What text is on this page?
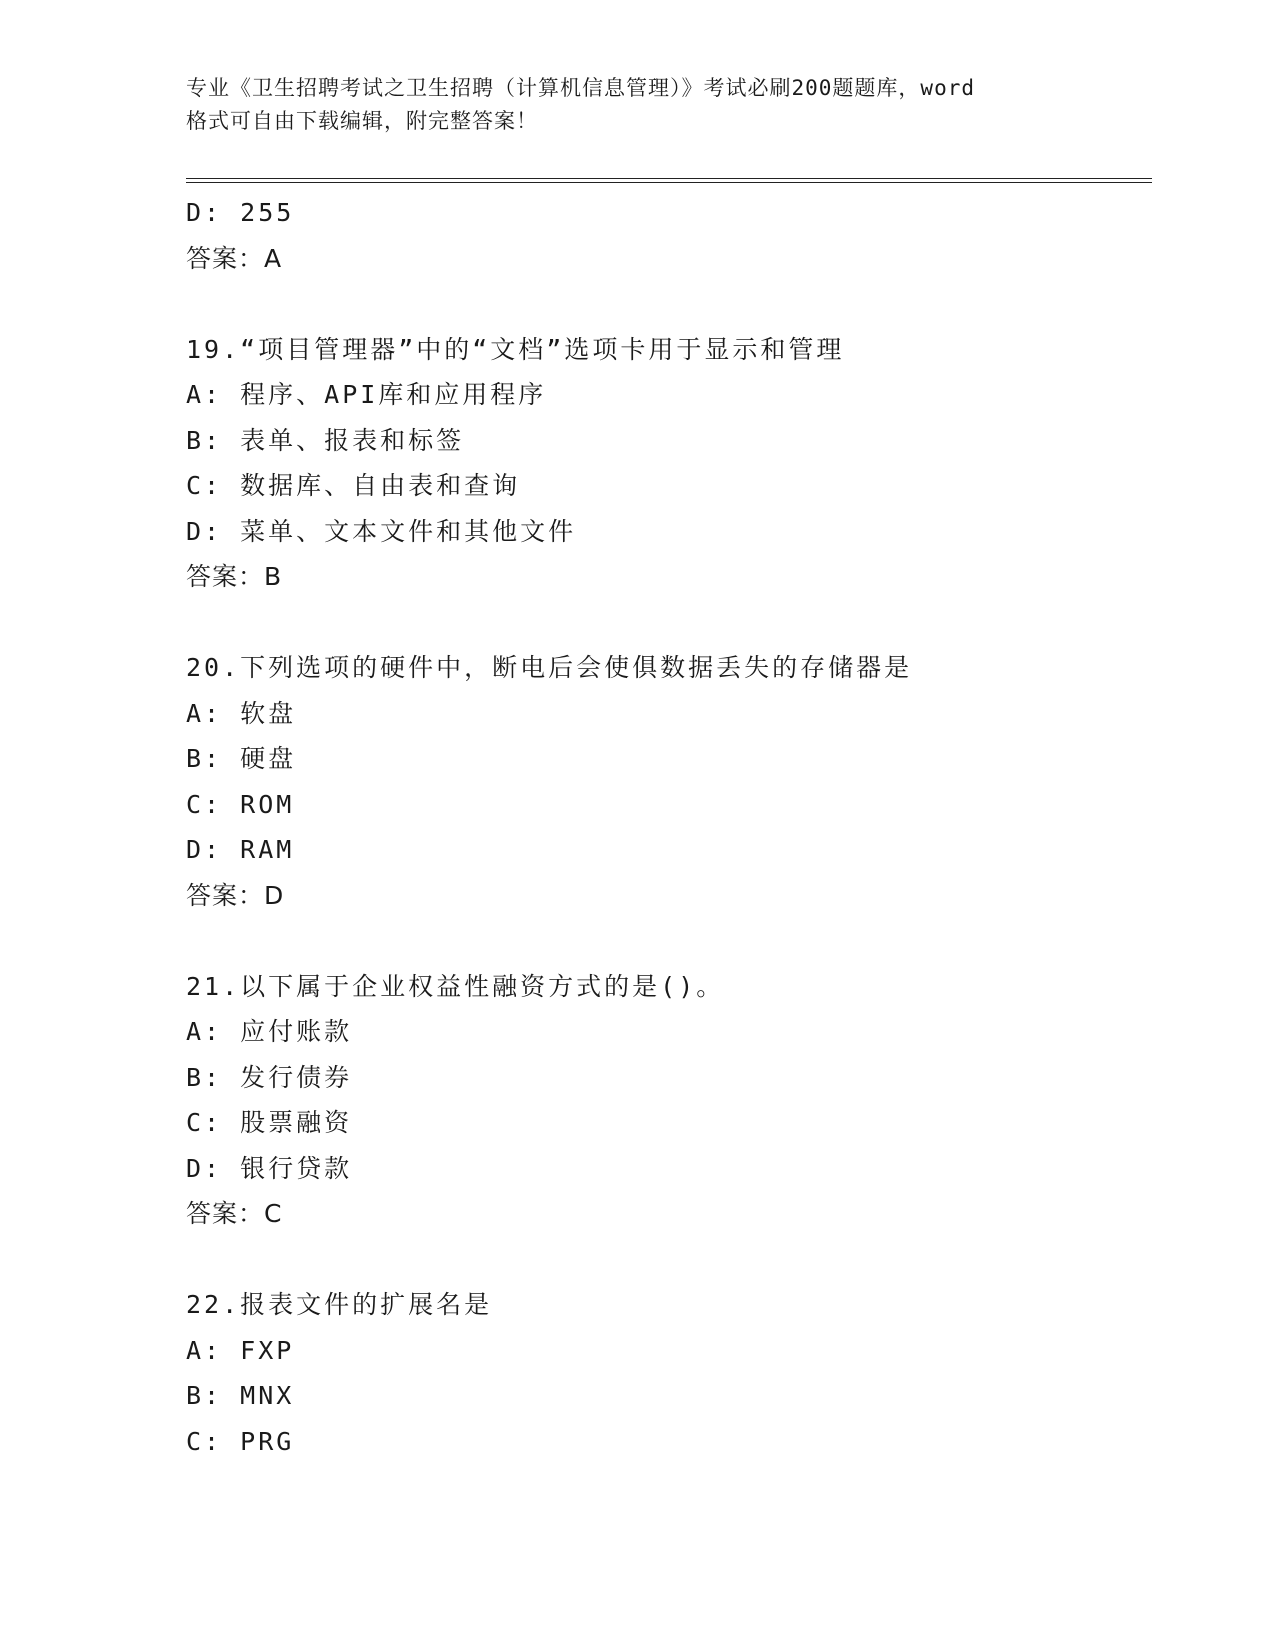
专业《卫生招聘考试之卫生招聘（计算机信息管理）》考试必刷200题题库，word
格式可自由下载编辑，附完整答案！
D: 255
答案：A
19.“项目管理器”中的“文档”选项卡用于显示和管理
A: 程序、API库和应用程序
B: 表单、报表和标签
C: 数据库、自由表和查询
D: 菜单、文本文件和其他文件
答案：B
20.下列选项的硬件中，断电后会使俱数据丢失的存储器是
A: 软盘
B: 硬盘
C: ROM
D: RAM
答案：D
21.以下属于企业权益性融资方式的是()。
A: 应付账款
B: 发行债券
C: 股票融资
D: 银行贷款
答案：C
22.报表文件的扩展名是
A: FXP
B: MNX
C: PRG
